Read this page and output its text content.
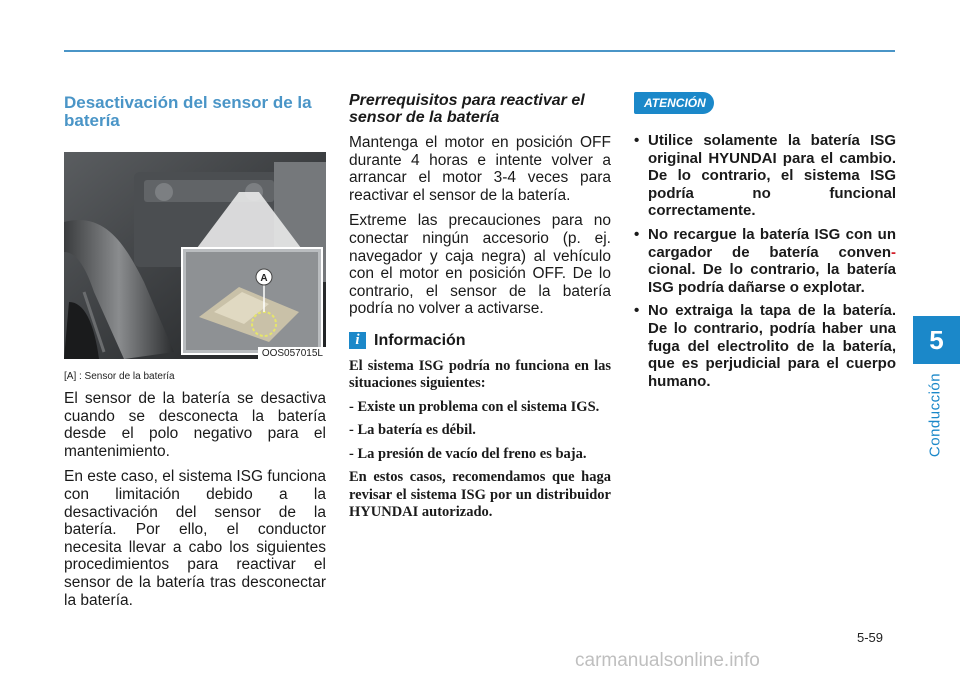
5
Conducción
Desactivación del sensor de la batería
A
OOS057015L

[A] : Sensor de la batería

El sensor de la batería se desactiva cuando se desconecta la batería desde el polo negativo para el mantenimiento.

En este caso, el sistema ISG funciona con limitación debido a la desactivación del sensor de la batería. Por ello, el conductor necesita llevar a cabo los siguientes procedimientos para reactivar el sensor de la batería tras desconectar la batería.

Prerrequisitos para reactivar el sensor de la batería

Mantenga el motor en posición OFF durante 4 horas e intente volver a arrancar el motor 3-4 veces para reactivar el sensor de la batería.

Extreme las precauciones para no conectar ningún accesorio (p. ej. navegador y caja negra) al vehículo con el motor en posición OFF. De lo contrario, el sensor de la batería podría no volver a activarse.

i Información

El sistema ISG podría no funciona en las situaciones siguientes:

- Existe un problema con el sistema IGS.
- La batería es débil.
- La presión de vacío del freno es baja.

En estos casos, recomendamos que haga revisar el sistema ISG por un distribuidor HYUNDAI autorizado.

ATENCIÓN
• Utilice solamente la batería ISG original HYUNDAI para el cambio. De lo contrario, el sistema ISG podría no funcional correctamente.
• No recargue la batería ISG con un cargador de batería conven-cional. De lo contrario, la batería ISG podría dañarse o explotar.
• No extraiga la tapa de la batería. De lo contrario, podría haber una fuga del electrolito de la batería, que es perjudicial para el cuerpo humano.
5-59
carmanualsonline.info
